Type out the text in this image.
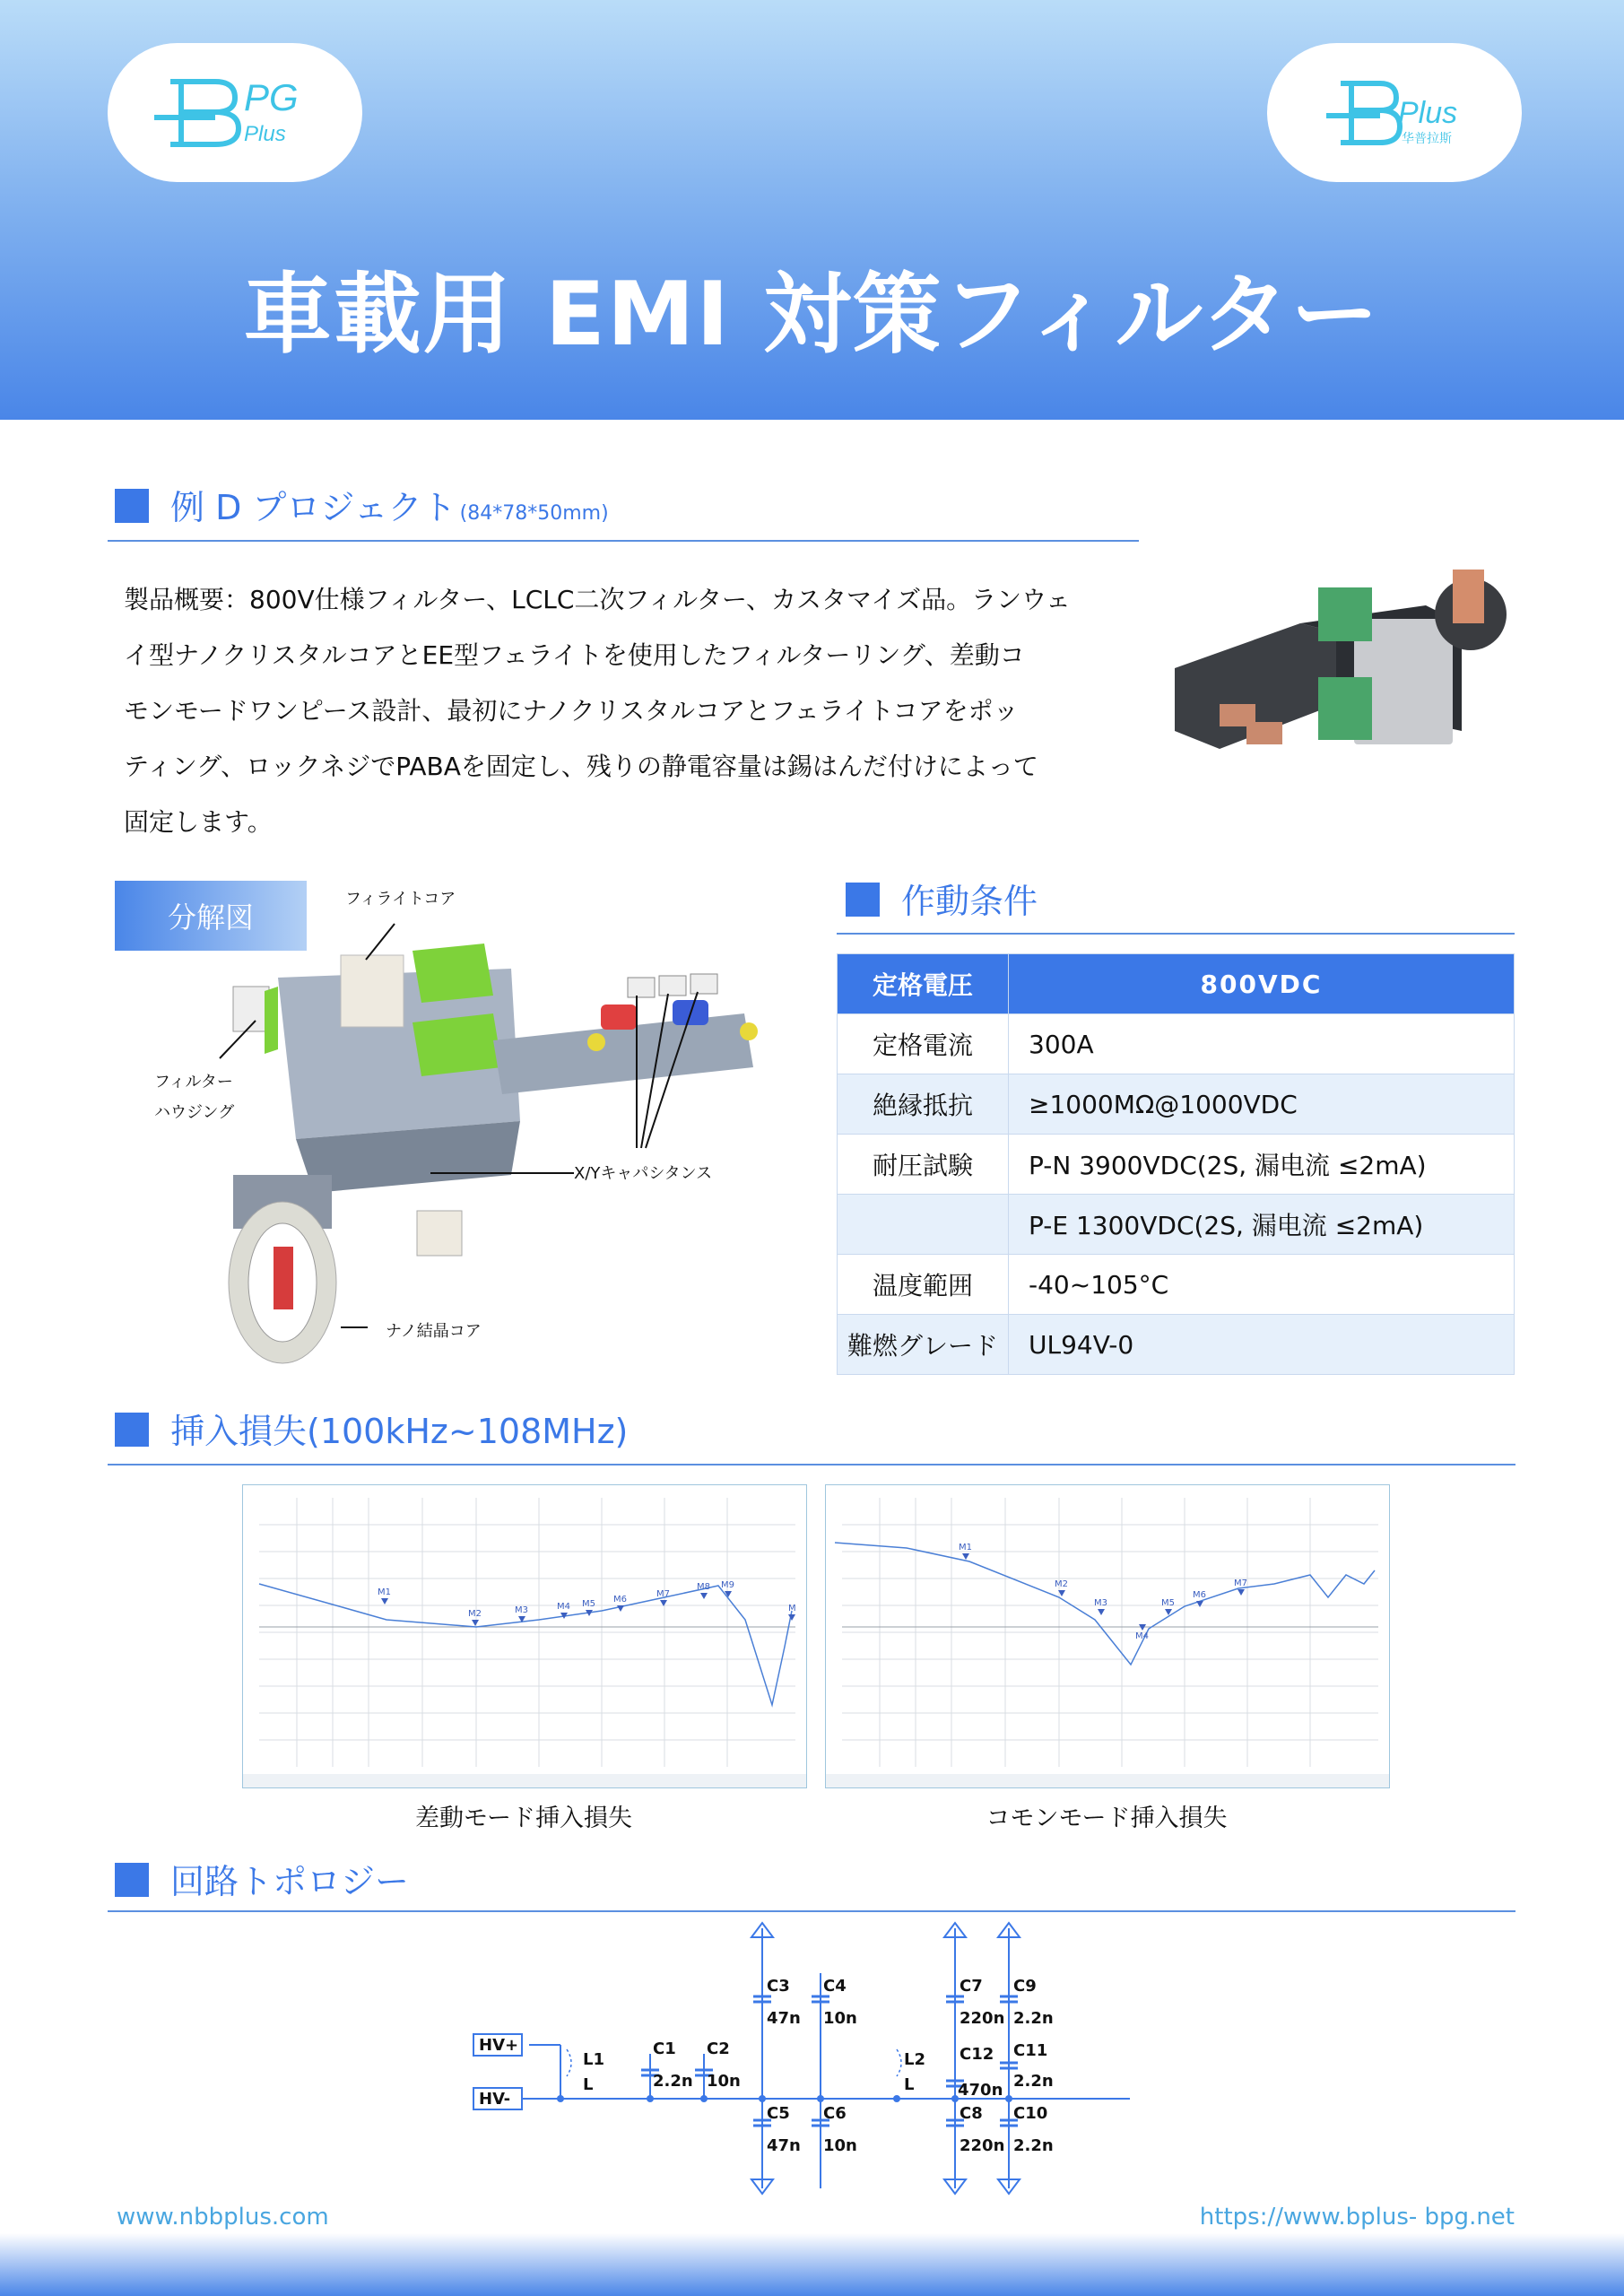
PG
Plus
Plus
华普拉斯
車載用 EMI 対策フィルター
例 D プロジェクト (84*78*50mm)
製品概要：800V仕様フィルター、LCLC二次フィルター、カスタマイズ品。ランウェ
イ型ナノクリスタルコアとEE型フェライトを使用したフィルターリング、差動コ
モンモードワンピース設計、最初にナノクリスタルコアとフェライトコアをポッ
ティング、ロックネジでPABAを固定し、残りの静電容量は錫はんだ付けによって
固定します。
分解図
フィライトコア
フィルター
ハウジング
X/Yキャパシタンス
ナノ結晶コア
作動条件
定格電圧	800VDC
定格電流	300A
絶縁抵抗	≥1000MΩ@1000VDC
耐圧試験	P-N 3900VDC(2S, 漏电流 ≤2mA)
	P-E 1300VDC(2S, 漏电流 ≤2mA)
温度範囲	-40~105°C
難燃グレード	UL94V-0
挿入損失(100kHz~108MHz)
M1
M2	M3	M4 M5 M6
M7
M8 M9
M
差動モード挿入損失
M1
M2
M3
M4
M5
M6
M7
コモンモード挿入損失
回路トポロジー
HV+
HV-
L1
L
L2
L
C1
2.2n
C2
10n
C3
47n
C4
10n
C5
47n
C6
10n
C7
220n
C8
220n
C9
2.2n
C10
2.2n
C11
2.2n
C12
470n
www.nbbplus.com	https://www.bplus- bpg.net
